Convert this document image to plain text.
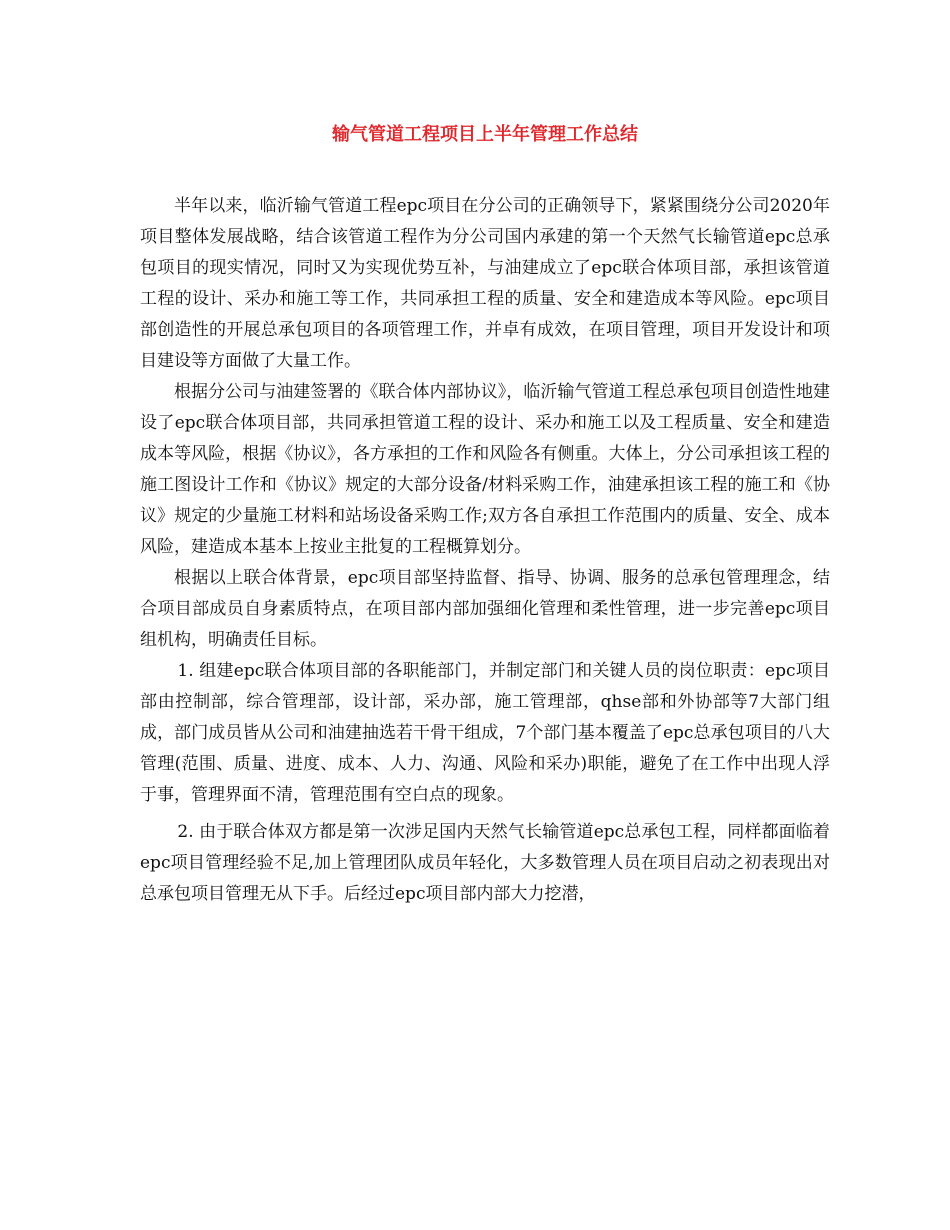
输气管道工程项目上半年管理工作总结

半年以来，临沂输气管道工程epc项目在分公司的正确领导下，紧紧围绕分公司2020年项目整体发展战略，结合该管道工程作为分公司国内承建的第一个天然气长输管道epc总承包项目的现实情况，同时又为实现优势互补，与油建成立了epc联合体项目部，承担该管道工程的设计、采办和施工等工作，共同承担工程的质量、安全和建造成本等风险。epc项目部创造性的开展总承包项目的各项管理工作，并卓有成效，在项目管理，项目开发设计和项目建设等方面做了大量工作。

根据分公司与油建签署的《联合体内部协议》，临沂输气管道工程总承包项目创造性地建设了epc联合体项目部，共同承担管道工程的设计、采办和施工以及工程质量、安全和建造成本等风险，根据《协议》，各方承担的工作和风险各有侧重。大体上，分公司承担该工程的施工图设计工作和《协议》规定的大部分设备/材料采购工作，油建承担该工程的施工和《协议》规定的少量施工材料和站场设备采购工作;双方各自承担工作范围内的质量、安全、成本风险，建造成本基本上按业主批复的工程概算划分。

根据以上联合体背景，epc项目部坚持监督、指导、协调、服务的总承包管理理念，结合项目部成员自身素质特点，在项目部内部加强细化管理和柔性管理，进一步完善epc项目组机构，明确责任目标。

1. 组建epc联合体项目部的各职能部门，并制定部门和关键人员的岗位职责：epc项目部由控制部，综合管理部，设计部，采办部，施工管理部，qhse部和外协部等7大部门组成，部门成员皆从公司和油建抽选若干骨干组成，7个部门基本覆盖了epc总承包项目的八大管理(范围、质量、进度、成本、人力、沟通、风险和采办)职能，避免了在工作中出现人浮于事，管理界面不清，管理范围有空白点的现象。

2. 由于联合体双方都是第一次涉足国内天然气长输管道epc总承包工程，同样都面临着epc项目管理经验不足,加上管理团队成员年轻化，大多数管理人员在项目启动之初表现出对总承包项目管理无从下手。后经过epc项目部内部大力挖潜，
